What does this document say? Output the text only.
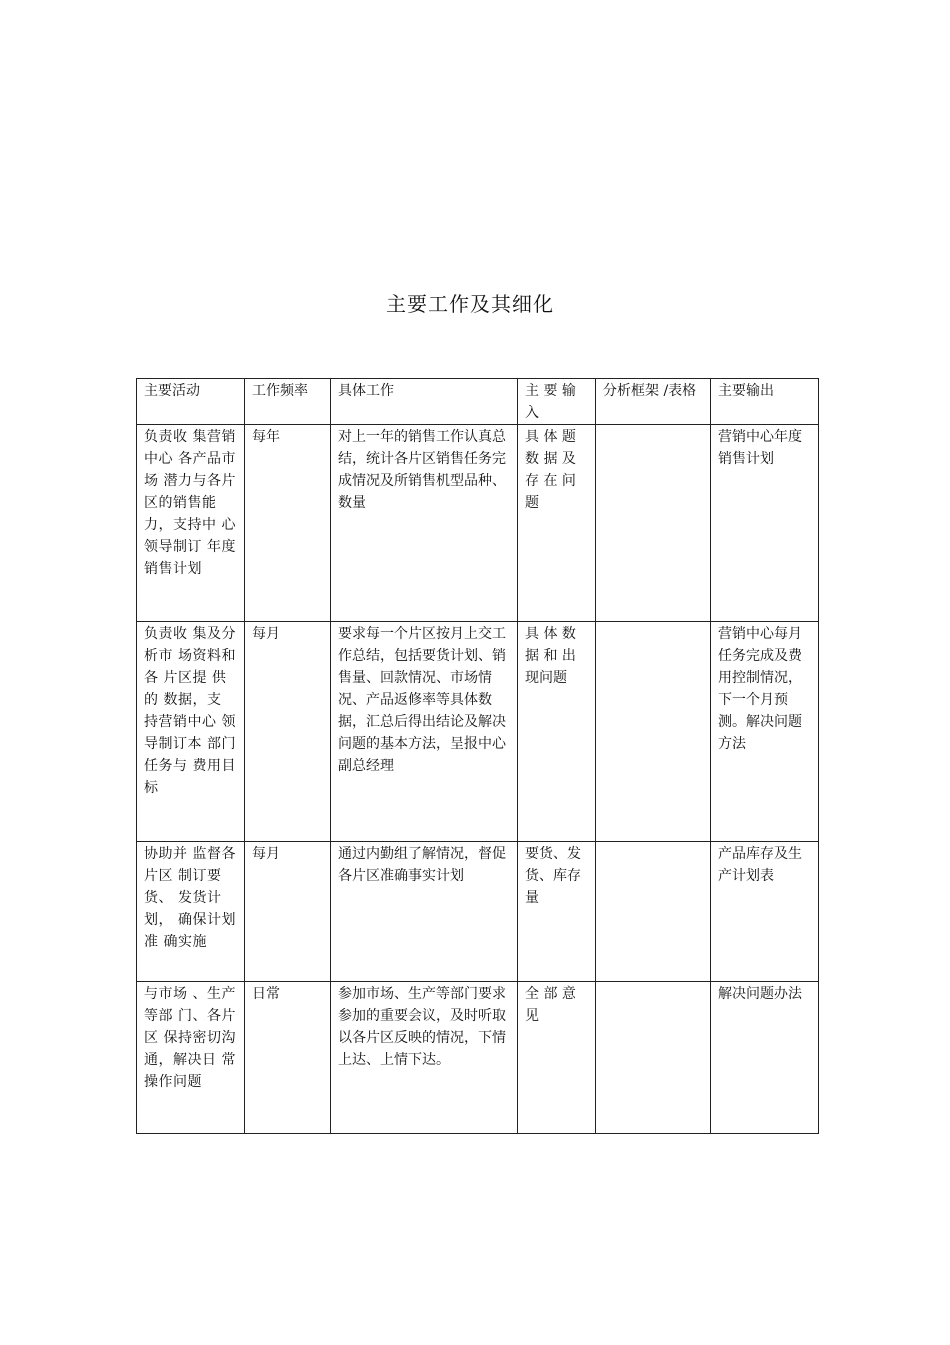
主要工作及其细化
主要活动	工作频率	具体工作	主 要 输 入	分析框架 /表格	主要输出
负责收 集营销中心 各产品市场 潜力与各片 区的销售能 力，支持中 心领导制订 年度销售计划	每年	对上一年的销售工作认真总结，统计各片区销售任务完成情况及所销售机型品种、数量	具 体 题 数 据 及 存 在 问 题		营销中心年度销售计划
负责收 集及分析市 场资料和各 片区提 供 的 数据，支 持营销中心 领导制订本 部门任务与 费用目标	每月	要求每一个片区按月上交工作总结，包括要货计划、销售量、回款情况、市场情况、产品返修率等具体数据，汇总后得出结论及解决问题的基本方法，呈报中心副总经理	具 体 数 据 和 出 现问题		营销中心每月任务完成及费用控制情况，下一个月预测。解决问题方法
协助并 监督各片区 制订要货、 发货计划， 确保计划准 确实施	每月	通过内勤组了解情况，督促各片区准确事实计划	要货、发货、库存量		产品库存及生产计划表
与市场 、生产等部 门、各片区 保持密切沟 通，解决日 常操作问题	日常	参加市场、生产等部门要求参加的重要会议，及时听取以各片区反映的情况，下情上达、上情下达。	全 部 意 见		解决问题办法
